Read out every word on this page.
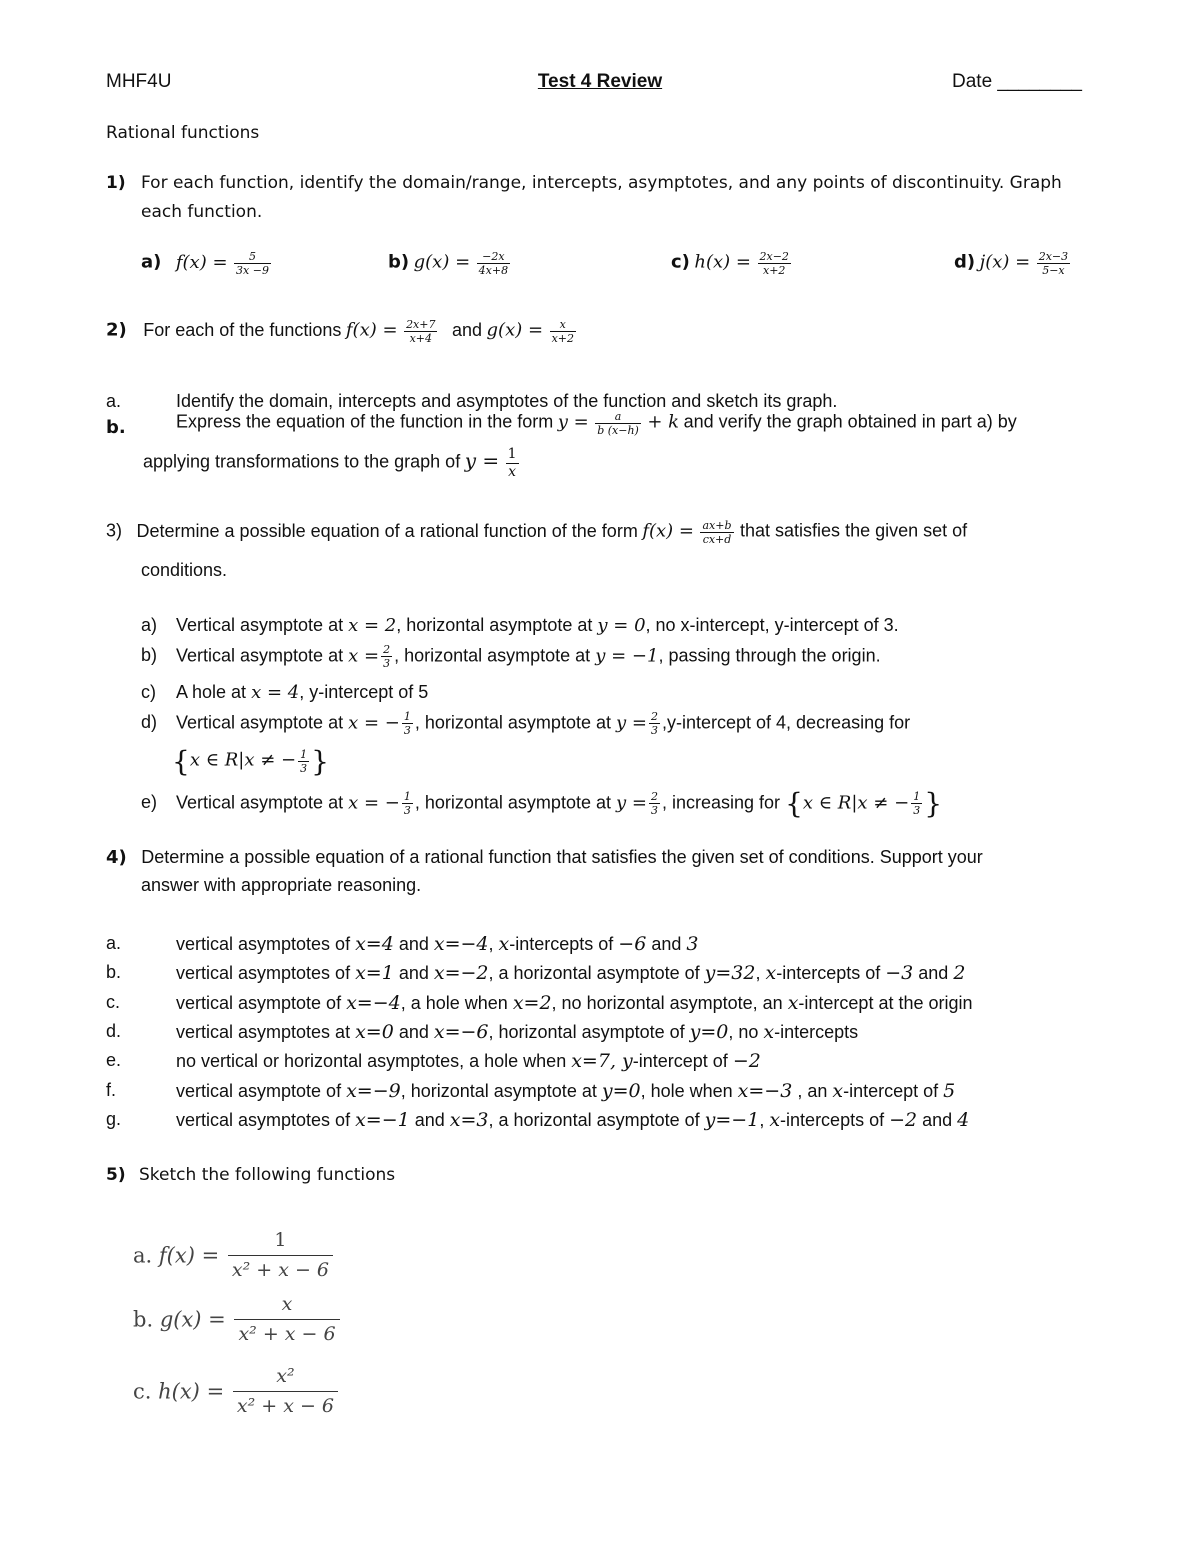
MHF4U	Test 4 Review	Date ________
Rational functions
1) For each function, identify the domain/range, intercepts, asymptotes, and any points of discontinuity. Graph
each function.
a) $f(x) = \frac{5}{3x -9}$	b) $g(x) = \frac{-2x}{4x+8}$	c) $h(x) = \frac{2x-2}{x+2}$	d) $j(x) = \frac{2x-3}{5-x}$
2) For each of the functions $f(x) = \frac{2x+7}{x+4}$ and $g(x) = \frac{x}{x+2}$
a.	Identify the domain, intercepts and asymptotes of the function and sketch its graph.
b.	Express the equation of the function in the form $y = \frac{a}{b (x-h)} + k$ and verify the graph obtained in part a) by
applying transformations to the graph of $y = \frac{1}{x}$
3) Determine a possible equation of a rational function of the form $f(x) = \frac{ax+b}{cx+d}$ that satisfies the given set of
conditions.
a) Vertical asymptote at x = 2, horizontal asymptote at y = 0, no x-intercept, y-intercept of 3.
b) Vertical asymptote at $x = \frac{2}{3}$ , horizontal asymptote at y = −1, passing through the origin.
c) A hole at x = 4, y-intercept of 5
d) Vertical asymptote at x = − $\frac{1}{3}$ , horizontal asymptote at $y = \frac{2}{3}$ ,y-intercept of 4, decreasing for
{x ∈ R|x ≠ − $\frac{1}{3}$ }
e) Vertical asymptote at x = − $\frac{1}{3}$ , horizontal asymptote at $y = \frac{2}{3}$ , increasing for {x ∈ R|x ≠ − $\frac{1}{3}$ }
4) Determine a possible equation of a rational function that satisfies the given set of conditions. Support your
answer with appropriate reasoning.
a.	vertical asymptotes of x=4 and x=−4, x-intercepts of −6 and 3
b.	vertical asymptotes of x=1 and x=−2, a horizontal asymptote of y=32, x-intercepts of −3 and 2
c.	vertical asymptote of x=−4, a hole when x=2, no horizontal asymptote, an x-intercept at the origin
d.	vertical asymptotes at x=0 and x=−6, horizontal asymptote of y=0, no x-intercepts
e.	no vertical or horizontal asymptotes, a hole when x=7, y-intercept of −2
f.	vertical asymptote of x=−9, horizontal asymptote at y=0, hole when x=−3 , an x-intercept of 5
g.	vertical asymptotes of x=−1 and x=3, a horizontal asymptote of y=−1, x-intercepts of −2 and 4
5) Sketch the following functions
a. $f(x) = \frac{1}{\text{x² + x − 6}}$
b. $g(x) = \frac{x}{\text{x² + x − 6}}$
c. $h(x) = \frac{\text{x²}}{\text{x² + x − 6}}$
